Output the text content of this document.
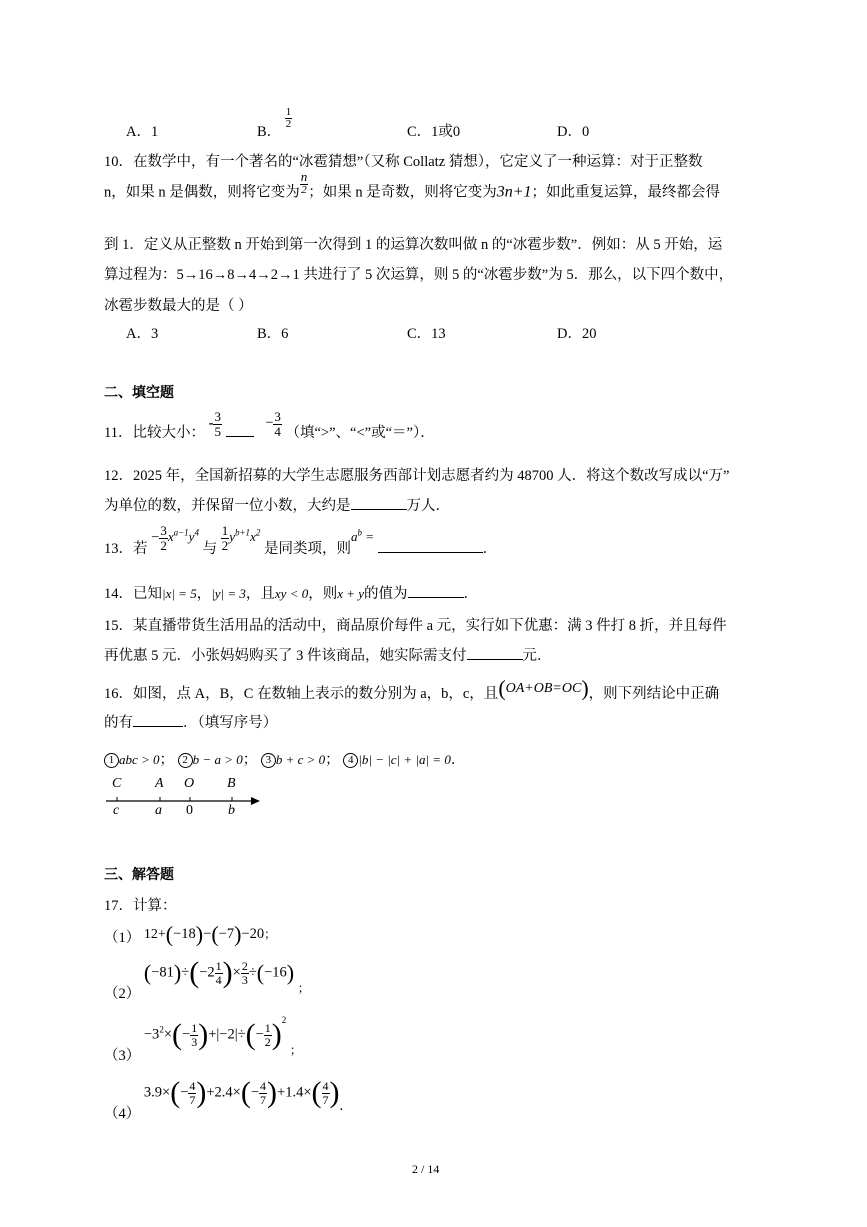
A．1	B．
$\frac{1}{2}$
C．1或0	D．0
10．在数学中，有一个著名的“冰雹猜想”（又称 Collatz 猜想），它定义了一种运算：对于正整数
n，如果 n 是偶数，则将它变为 $\frac{n}{2}$ ；如果 n 是奇数，则将它变为3n+1；如此重复运算，最终都会得
到 1．定义从正整数 n 开始到第一次得到 1 的运算次数叫做 n 的“冰雹步数”．例如：从 5 开始，运
算过程为：5→16→8→4→2→1 共进行了 5 次运算，则 5 的“冰雹步数”为 5．那么，以下四个数中，
冰雹步数最大的是（ ）
A．3	B．6	C．13	D．20
二、填空题
11．比较大小： - $\frac{3}{5}$	− $\frac{3}{4}$ （填“>”、“<”或“＝”）．
12．2025 年，全国新招募的大学生志愿服务西部计划志愿者约为 48700 人．将这个数改写成以“万”
为单位的数，并保留一位小数，大约是	万人．
13．若 − $\frac{3}{2} x^{a-1}y^4$ 与 $\frac{1}{2} y^{b+1}x^2$ 是同类项，则$a^b$ = ．
14．已知|x| = 5，|y| = 3，且xy < 0，则x + y的值为	．
15．某直播带货生活用品的活动中，商品原价每件 a 元，实行如下优惠：满 3 件打 8 折，并且每件
再优惠 5 元．小张妈妈购买了 3 件该商品，她实际需支付	元．
16．如图，点 A，B，C 在数轴上表示的数分别为 a，b，c，且(OA+OB=OC)，则下列结论中正确
的有	．（填写序号）
1 abc > 0； 2 b − a > 0； 3 b + c > 0； 4 |b| − |c| + |a| = 0．
C A O B
c	a 0	b
三、解答题
17．计算：
（1） 12+(−18)−(−7)−20；
（2） $(-81)\div(-2 \frac{1}{4}$ )× $\frac{2}{3} \div(-16)$ $_;$
$(3) -3^2\times(- \frac{1}{3} )+|-2|\div(- \frac{1}{2} )^2$ $_;$
（4） $3.9\times(- \frac{4}{7} )+2.4\times(- \frac{4}{7} )+1.4\times( \frac{4}{7}$ ).
2 / 14
